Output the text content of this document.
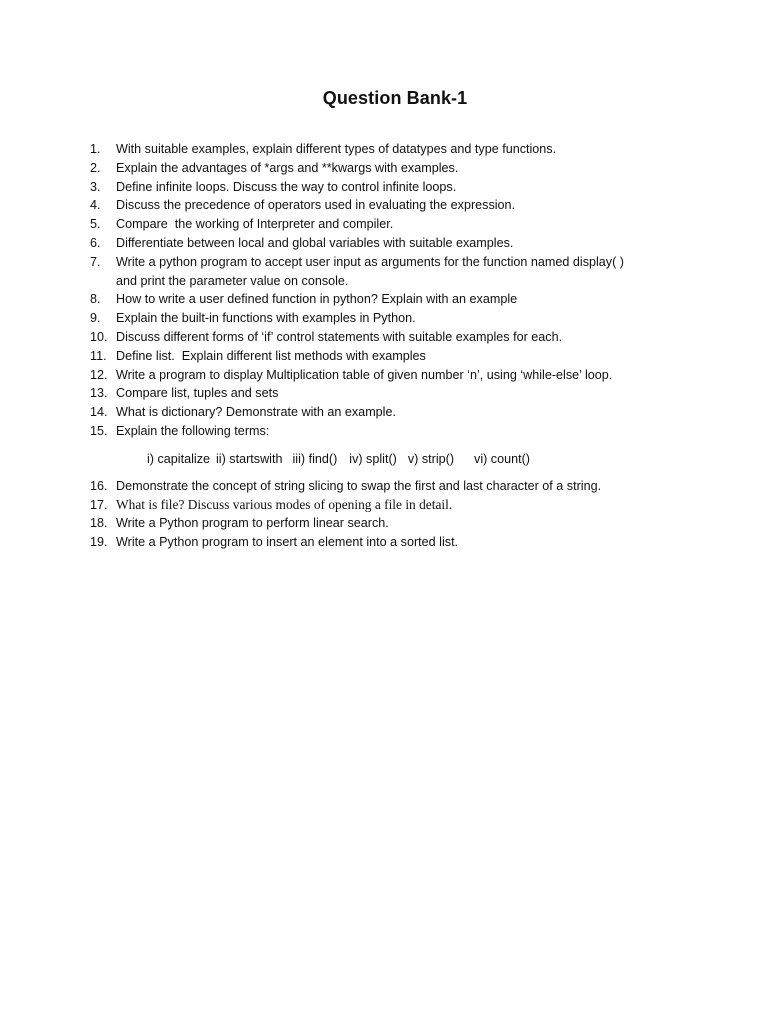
Question Bank-1
1.	With suitable examples, explain different types of datatypes and type functions.
2.	Explain the advantages of *args and **kwargs with examples.
3.	Define infinite loops. Discuss the way to control infinite loops.
4.	Discuss the precedence of operators used in evaluating the expression.
5.	Compare  the working of Interpreter and compiler.
6.	Differentiate between local and global variables with suitable examples.
7.	Write a python program to accept user input as arguments for the function named display( )
and print the parameter value on console.
8.	How to write a user defined function in python? Explain with an example
9.	Explain the built-in functions with examples in Python.
10. Discuss different forms of ‘if’ control statements with suitable examples for each.
11. Define list.  Explain different list methods with examples
12. Write a program to display Multiplication table of given number ‘n’, using ‘while-else’ loop.
13. Compare list, tuples and sets
14. What is dictionary? Demonstrate with an example.
15. Explain the following terms:
i) capitalize ii) startswith iii) find() iv) split() v) strip() vi) count()
16. Demonstrate the concept of string slicing to swap the first and last character of a string.
17. What is file? Discuss various modes of opening a file in detail.
18. Write a Python program to perform linear search.
19. Write a Python program to insert an element into a sorted list.
